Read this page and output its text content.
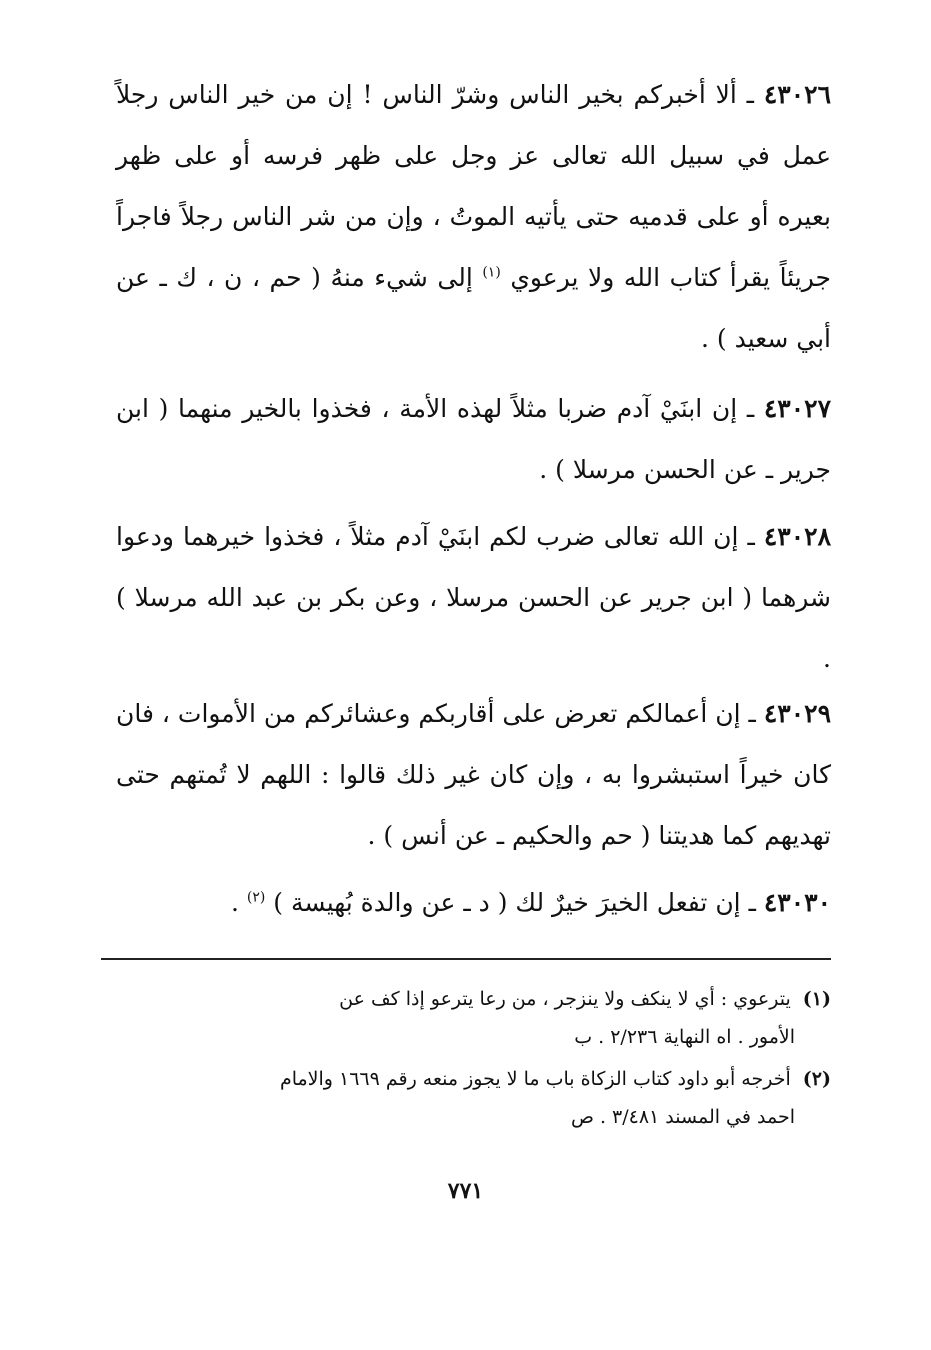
٤٣٠٢٦ ـ ألا أخبركم بخير الناس وشرّ الناس ! إن من خير الناس رجلاً عمل في سبيل الله تعالى عز وجل على ظهر فرسه أو على ظهر بعيره أو على قدميه حتى يأتيه الموتُ ، وإن من شر الناس رجلاً فاجراً جريئاً يقرأ كتاب الله ولا يرعوي $^{(١)}$ إلى شيء منهُ ( حم ، ن ، ك ـ عن أبي سعيد ) .

٤٣٠٢٧ ـ إن ابنَيْ آدم ضربا مثلاً لهذه الأمة ، فخذوا بالخير منهما ( ابن جرير ـ عن الحسن مرسلا ) .

٤٣٠٢٨ ـ إن الله تعالى ضرب لكم ابنَيْ آدم مثلاً ، فخذوا خيرهما ودعوا شرهما ( ابن جرير عن الحسن مرسلا ، وعن بكر بن عبد الله مرسلا ) .

٤٣٠٢٩ ـ إن أعمالكم تعرض على أقاربكم وعشائركم من الأموات ، فان كان خيراً استبشروا به ، وإن كان غير ذلك قالوا : اللهم لا تُمتهم حتى تهديهم كما هديتنا ( حم والحكيم ـ عن أنس ) .

٤٣٠٣٠ ـ إن تفعل الخيرَ خيرٌ لك ( د ـ عن والدة بُهيسة ) $^{(٢)}$ .

(١) يترعوي : أي لا ينكف ولا ينزجر ، من رعا يترعو إذا كف عن
الأمور . اه النهاية ٢/٢٣٦ . ب
(٢) أخرجه أبو داود كتاب الزكاة باب ما لا يجوز منعه رقم ١٦٦٩ والامام
احمد في المسند ٣/٤٨١ . ص
٧٧١
